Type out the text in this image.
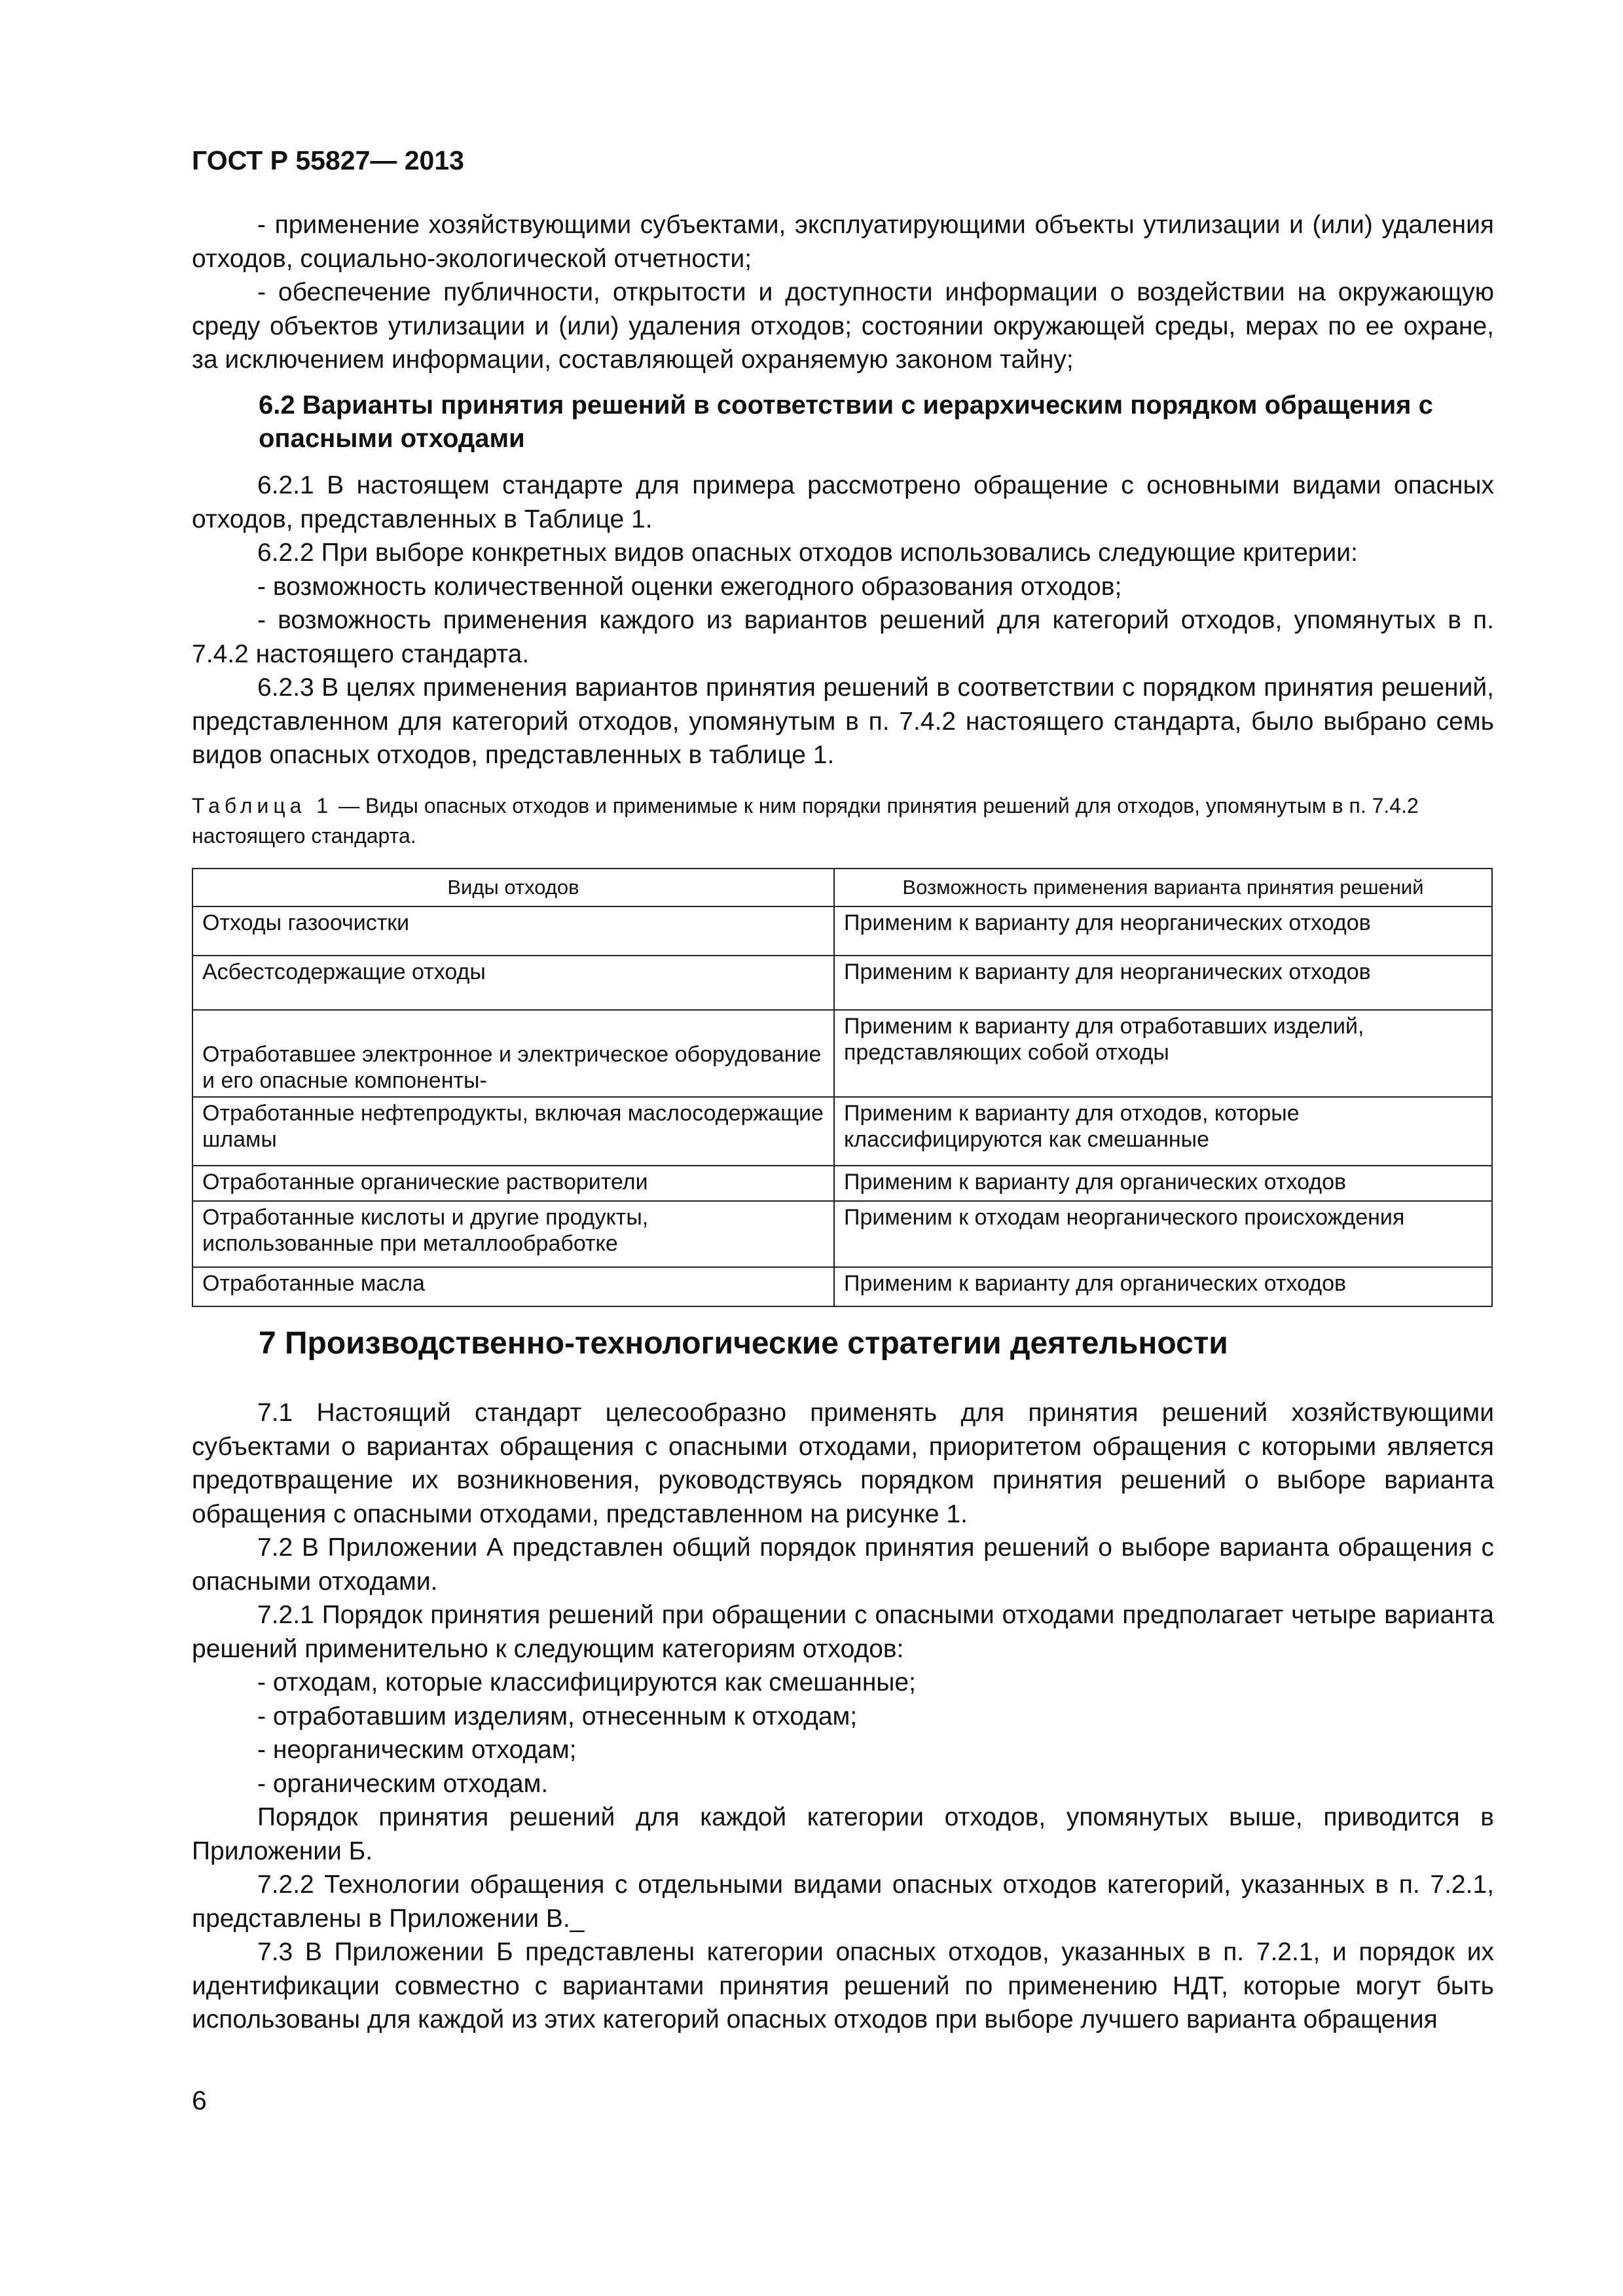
ГОСТ Р 55827— 2013

- применение хозяйствующими субъектами, эксплуатирующими объекты утилизации и (или) удаления отходов, социально-экологической отчетности;

- обеспечение публичности, открытости и доступности информации о воздействии на окружающую среду объектов утилизации и (или) удаления отходов; состоянии окружающей среды, мерах по ее охране, за исключением информации, составляющей охраняемую законом тайну;

6.2 Варианты принятия решений в соответствии с иерархическим порядком обращения с опасными отходами

6.2.1 В настоящем стандарте для примера рассмотрено обращение с основными видами опасных отходов, представленных в Таблице 1.

6.2.2 При выборе конкретных видов опасных отходов использовались следующие критерии:

- возможность количественной оценки ежегодного образования отходов;

- возможность применения каждого из вариантов решений для категорий отходов, упомянутых в п. 7.4.2 настоящего стандарта.

6.2.3 В целях применения вариантов принятия решений в соответствии с порядком принятия решений, представленном для категорий отходов, упомянутым в п. 7.4.2 настоящего стандарта, было выбрано семь видов опасных отходов, представленных в таблице 1.

Таблица 1 — Виды опасных отходов и применимые к ним порядки принятия решений для отходов, упомянутым в п. 7.4.2 настоящего стандарта.
Виды отходов	Возможность применения варианта принятия решений
Отходы газоочистки	Применим к варианту для неорганических отходов
Асбестсодержащие отходы	Применим к варианту для неорганических отходов
Отработавшее электронное и электрическое оборудование и его опасные компоненты-	Применим к варианту для отработавших изделий, представляющих собой отходы
Отработанные нефтепродукты, включая маслосодержащие шламы	Применим к варианту для отходов, которые классифицируются как смешанные
Отработанные органические растворители	Применим к варианту для органических отходов
Отработанные кислоты и другие продукты, использованные при металлообработке	Применим к отходам неорганического происхождения
Отработанные масла	Применим к варианту для органических отходов
7 Производственно-технологические стратегии деятельности

7.1 Настоящий стандарт целесообразно применять для принятия решений хозяйствующими субъектами о вариантах обращения с опасными отходами, приоритетом обращения с которыми является предотвращение их возникновения, руководствуясь порядком принятия решений о выборе варианта обращения с опасными отходами, представленном на рисунке 1.

7.2 В Приложении А представлен общий порядок принятия решений о выборе варианта обращения с опасными отходами.

7.2.1 Порядок принятия решений при обращении с опасными отходами предполагает четыре варианта решений применительно к следующим категориям отходов:

- отходам, которые классифицируются как смешанные;

- отработавшим изделиям, отнесенным к отходам;

- неорганическим отходам;

- органическим отходам.

Порядок принятия решений для каждой категории отходов, упомянутых выше, приводится в Приложении Б.

7.2.2 Технологии обращения с отдельными видами опасных отходов категорий, указанных в п. 7.2.1, представлены в Приложении В._

7.3 В Приложении Б представлены категории опасных отходов, указанных в п. 7.2.1, и порядок их идентификации совместно с вариантами принятия решений по применению НДТ, которые могут быть использованы для каждой из этих категорий опасных отходов при выборе лучшего варианта обращения

6
